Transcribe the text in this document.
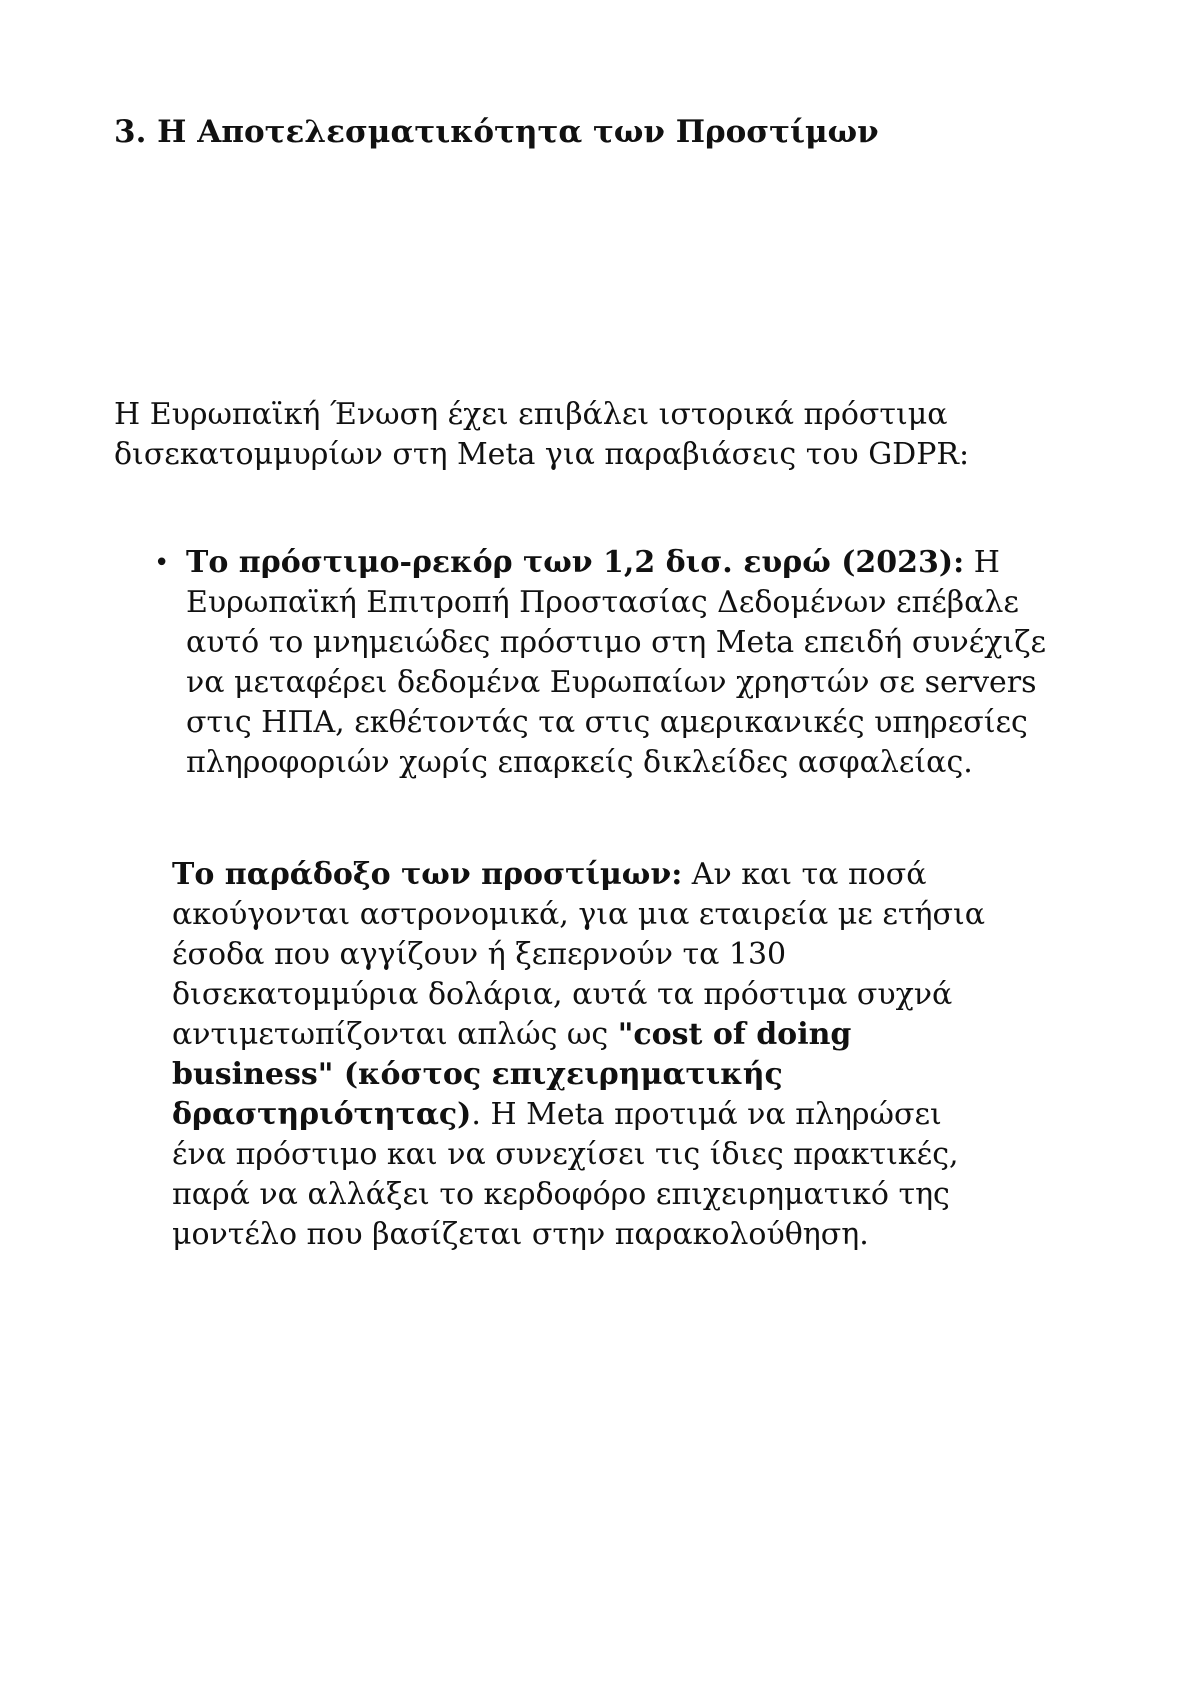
3. Η Αποτελεσματικότητα των Προστίμων

Η Ευρωπαϊκή Ένωση έχει επιβάλει ιστορικά πρόστιμα
δισεκατομμυρίων στη Meta για παραβιάσεις του GDPR:

• Το πρόστιμο-ρεκόρ των 1,2 δισ. ευρώ (2023): Η
Ευρωπαϊκή Επιτροπή Προστασίας Δεδομένων επέβαλε
αυτό το μνημειώδες πρόστιμο στη Meta επειδή συνέχιζε
να μεταφέρει δεδομένα Ευρωπαίων χρηστών σε servers
στις ΗΠΑ, εκθέτοντάς τα στις αμερικανικές υπηρεσίες
πληροφοριών χωρίς επαρκείς δικλείδες ασφαλείας.

Το παράδοξο των προστίμων: Αν και τα ποσά
ακούγονται αστρονομικά, για μια εταιρεία με ετήσια
έσοδα που αγγίζουν ή ξεπερνούν τα 130
δισεκατομμύρια δολάρια, αυτά τα πρόστιμα συχνά
αντιμετωπίζονται απλώς ως "cost of doing
business" (κόστος επιχειρηματικής
δραστηριότητας). Η Meta προτιμά να πληρώσει
ένα πρόστιμο και να συνεχίσει τις ίδιες πρακτικές,
παρά να αλλάξει το κερδοφόρο επιχειρηματικό της
μοντέλο που βασίζεται στην παρακολούθηση.
